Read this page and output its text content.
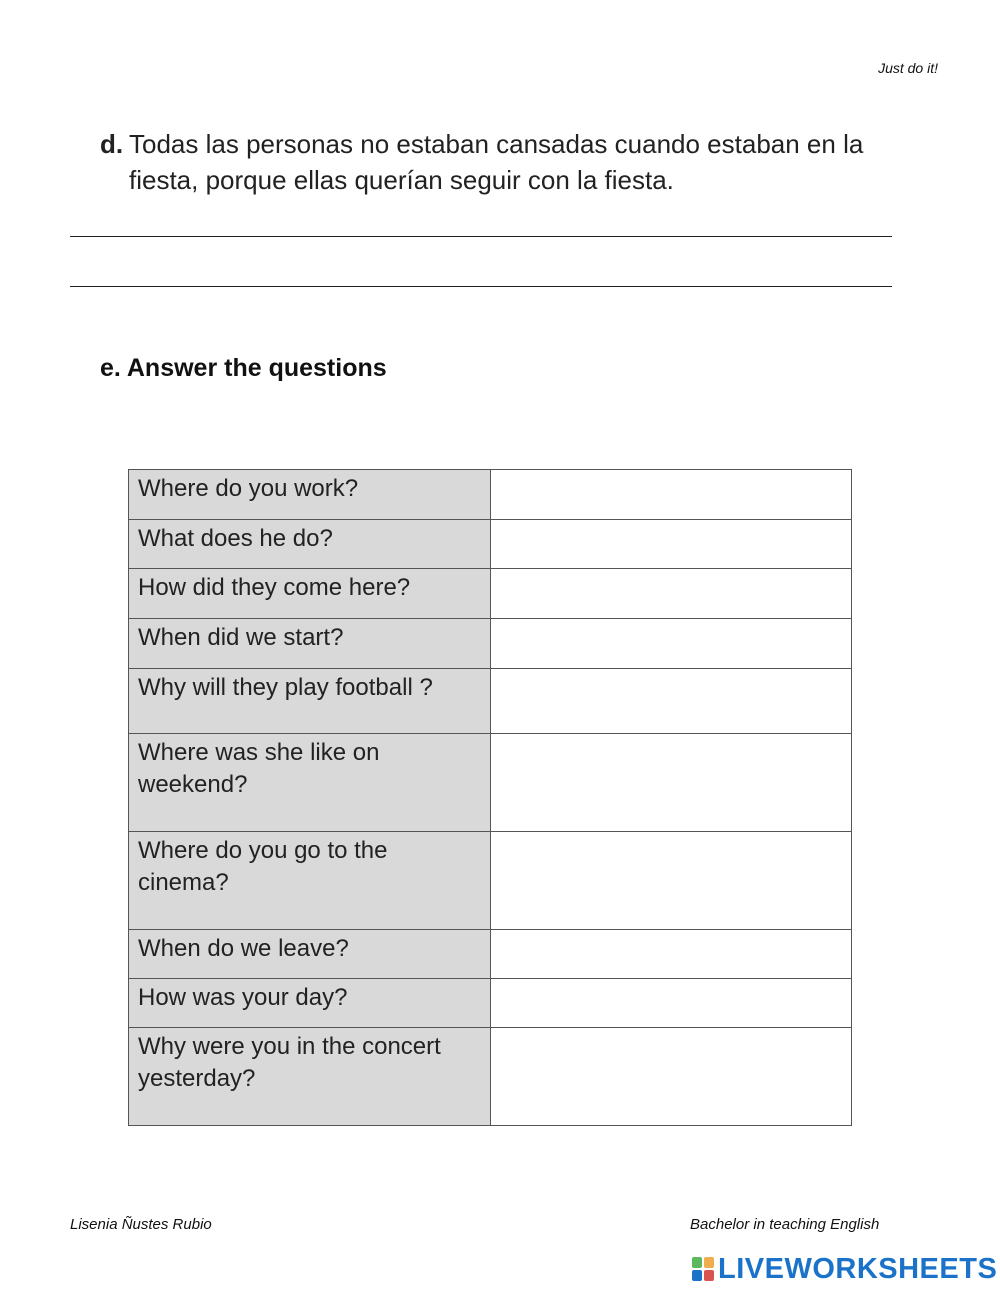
Just do it!
d. Todas las personas no estaban cansadas cuando estaban en la fiesta, porque ellas querían seguir con la fiesta.
e. Answer the questions
Where do you work?	
What does he do?	
How did they come here?	
When did we start?	
Why will they play football ?	
Where was she like on weekend?	
Where do you go to the cinema?	
When do we leave?	
How was your day?	
Why were you in the concert yesterday?	
Lisenia Ñustes Rubio	Bachelor in teaching English
LIVEWORKSHEETS
